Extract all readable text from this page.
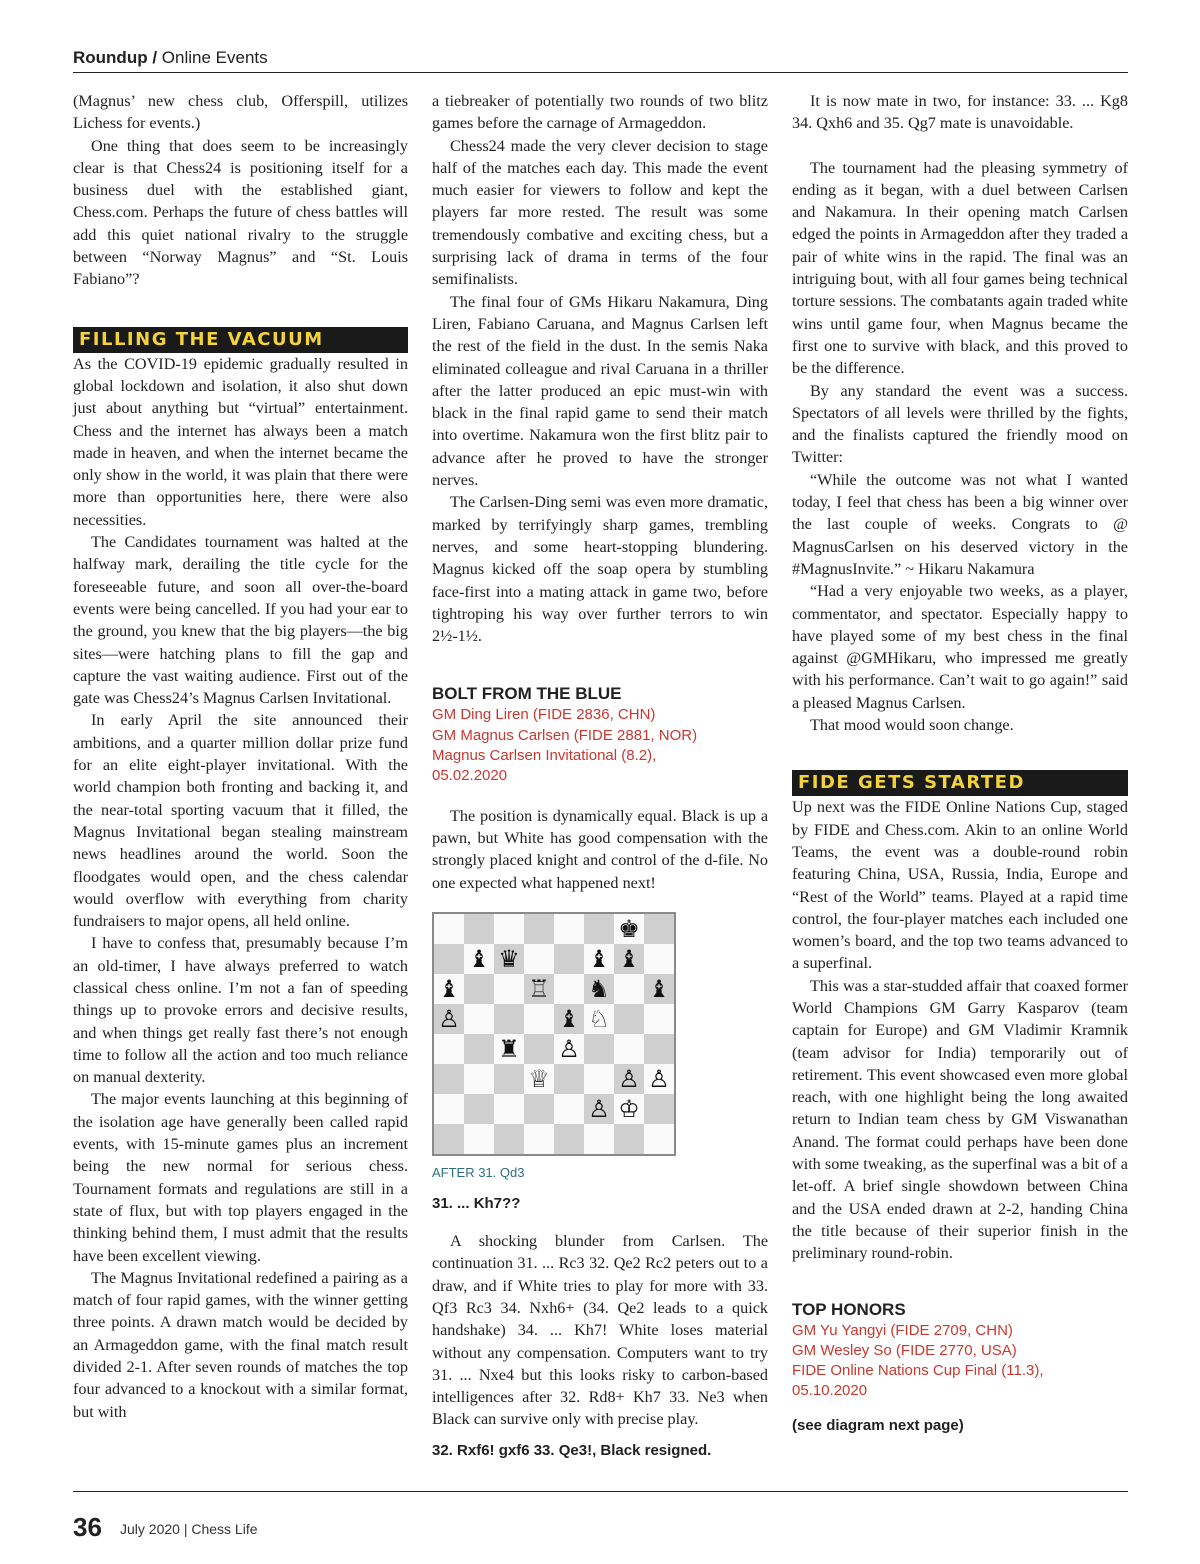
Roundup / Online Events

(Magnus’ new chess club, Offerspill, utilizes Lichess for events.)

One thing that does seem to be increasingly clear is that Chess24 is positioning itself for a business duel with the established giant, Chess.com. Perhaps the future of chess battles will add this quiet national rivalry to the struggle between “Norway Magnus” and “St. Louis Fabiano”?

FILLING THE VACUUM

As the COVID-19 epidemic gradually resulted in global lockdown and isolation, it also shut down just about anything but “virtual” entertainment. Chess and the internet has always been a match made in heaven, and when the internet became the only show in the world, it was plain that there were more than opportunities here, there were also necessities.

The Candidates tournament was halted at the halfway mark, derailing the title cycle for the foreseeable future, and soon all over-the-board events were being cancelled. If you had your ear to the ground, you knew that the big players—the big sites—were hatching plans to fill the gap and capture the vast waiting audience. First out of the gate was Chess24’s Magnus Carlsen Invitational.

In early April the site announced their ambitions, and a quarter million dollar prize fund for an elite eight-player invitational. With the world champion both fronting and backing it, and the near-total sporting vacuum that it filled, the Magnus Invitational began stealing mainstream news headlines around the world. Soon the floodgates would open, and the chess calendar would overflow with everything from charity fundraisers to major opens, all held online.

I have to confess that, presumably because I’m an old-timer, I have always preferred to watch classical chess online. I’m not a fan of speeding things up to provoke errors and decisive results, and when things get really fast there’s not enough time to follow all the action and too much reliance on manual dexterity.

The major events launching at this beginning of the isolation age have generally been called rapid events, with 15-minute games plus an increment being the new normal for serious chess. Tournament formats and regulations are still in a state of flux, but with top players engaged in the thinking behind them, I must admit that the results have been excellent viewing.

The Magnus Invitational redefined a pairing as a match of four rapid games, with the winner getting three points. A drawn match would be decided by an Armageddon game, with the final match result divided 2-1. After seven rounds of matches the top four advanced to a knockout with a similar format, but with

a tiebreaker of potentially two rounds of two blitz games before the carnage of Armageddon.

Chess24 made the very clever decision to stage half of the matches each day. This made the event much easier for viewers to follow and kept the players far more rested. The result was some tremendously combative and exciting chess, but a surprising lack of drama in terms of the four semifinalists.

The final four of GMs Hikaru Nakamura, Ding Liren, Fabiano Caruana, and Magnus Carlsen left the rest of the field in the dust. In the semis Naka eliminated colleague and rival Caruana in a thriller after the latter produced an epic must-win with black in the final rapid game to send their match into overtime. Nakamura won the first blitz pair to advance after he proved to have the stronger nerves.

The Carlsen-Ding semi was even more dramatic, marked by terrifyingly sharp games, trembling nerves, and some heart-stopping blundering. Magnus kicked off the soap opera by stumbling face-first into a mating attack in game two, before tightroping his way over further terrors to win 2½-1½.

BOLT FROM THE BLUE
GM Ding Liren (FIDE 2836, CHN)
GM Magnus Carlsen (FIDE 2881, NOR)
Magnus Carlsen Invitational (8.2),
05.02.2020

The position is dynamically equal. Black is up a pawn, but White has good compensation with the strongly placed knight and control of the d-file. No one expected what happened next!

♚
♝ ♛	♝ ♝
♝	♖ ♞ ♝
♙	♝ ♘
♜ ♙
♕	♙ ♙
♙ ♔
AFTER 31. Qd3
31. ... Kh7??

A shocking blunder from Carlsen. The continuation 31. ... Rc3 32. Qe2 Rc2 peters out to a draw, and if White tries to play for more with 33. Qf3 Rc3 34. Nxh6+ (34. Qe2 leads to a quick handshake) 34. ... Kh7! White loses material without any compensation. Computers want to try 31. ... Nxe4 but this looks risky to carbon-based intelligences after 32. Rd8+ Kh7 33. Ne3 when Black can survive only with precise play.

32. Rxf6! gxf6 33. Qe3!, Black resigned.

It is now mate in two, for instance: 33. ... Kg8 34. Qxh6 and 35. Qg7 mate is unavoidable.

The tournament had the pleasing symmetry of ending as it began, with a duel between Carlsen and Nakamura. In their opening match Carlsen edged the points in Armageddon after they traded a pair of white wins in the rapid. The final was an intriguing bout, with all four games being technical torture sessions. The combatants again traded white wins until game four, when Magnus became the first one to survive with black, and this proved to be the difference.

By any standard the event was a success. Spectators of all levels were thrilled by the fights, and the finalists captured the friendly mood on Twitter:

“While the outcome was not what I wanted today, I feel that chess has been a big winner over the last couple of weeks. Congrats to @ MagnusCarlsen on his deserved victory in the #MagnusInvite.” ~ Hikaru Nakamura

“Had a very enjoyable two weeks, as a player, commentator, and spectator. Especially happy to have played some of my best chess in the final against @GMHikaru, who impressed me greatly with his performance. Can’t wait to go again!” said a pleased Magnus Carlsen.

That mood would soon change.

FIDE GETS STARTED

Up next was the FIDE Online Nations Cup, staged by FIDE and Chess.com. Akin to an online World Teams, the event was a double-round robin featuring China, USA, Russia, India, Europe and “Rest of the World” teams. Played at a rapid time control, the four-player matches each included one women’s board, and the top two teams advanced to a superfinal.

This was a star-studded affair that coaxed former World Champions GM Garry Kasparov (team captain for Europe) and GM Vladimir Kramnik (team advisor for India) temporarily out of retirement. This event showcased even more global reach, with one highlight being the long awaited return to Indian team chess by GM Viswanathan Anand. The format could perhaps have been done with some tweaking, as the superfinal was a bit of a let-off. A brief single showdown between China and the USA ended drawn at 2-2, handing China the title because of their superior finish in the preliminary round-robin.

TOP HONORS
GM Yu Yangyi (FIDE 2709, CHN)
GM Wesley So (FIDE 2770, USA)
FIDE Online Nations Cup Final (11.3),
05.10.2020
(see diagram next page)
36 July 2020 | Chess Life
